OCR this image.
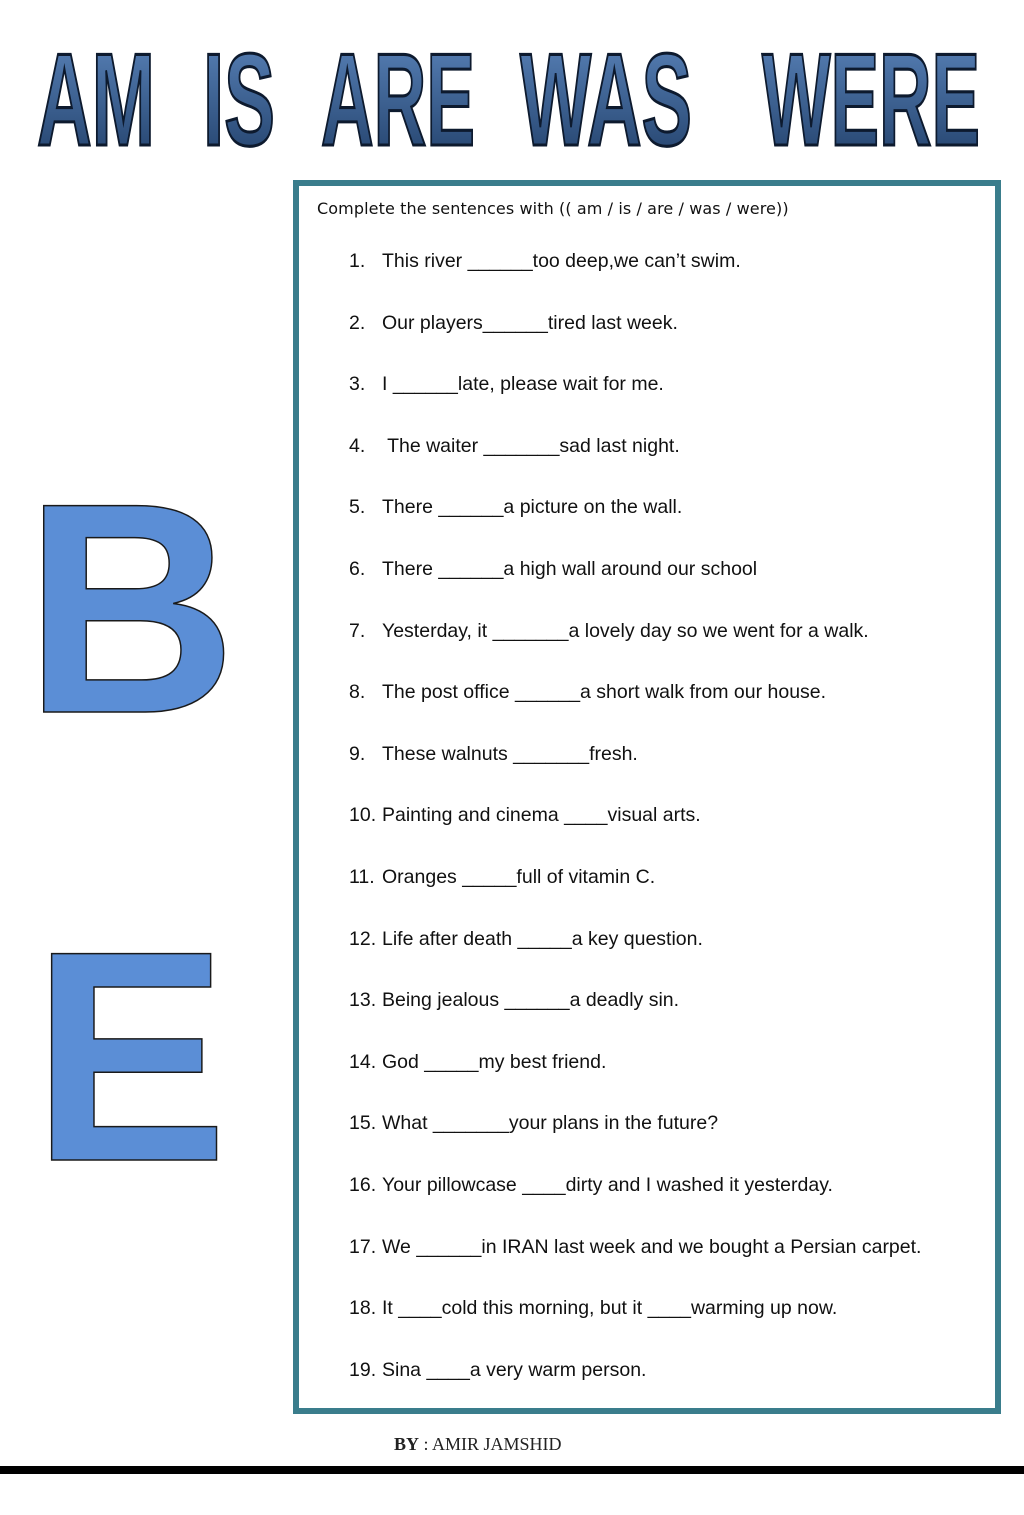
AM IS ARE WAS WERE
B
E
Complete the sentences with (( am / is / are / was / were))
1. This river ______too deep,we can’t swim.
2. Our players______tired last week.
3. I ______late, please wait for me.
4. The waiter _______sad last night.
5. There ______a picture on the wall.
6. There ______a high wall around our school
7. Yesterday, it _______a lovely day so we went for a walk.
8. The post office ______a short walk from our house.
9. These walnuts _______fresh.
10. Painting and cinema ____visual arts.
11. Oranges _____full of vitamin C.
12. Life after death _____a key question.
13. Being jealous ______a deadly sin.
14. God _____my best friend.
15. What _______your plans in the future?
16. Your pillowcase ____dirty and I washed it yesterday.
17. We ______in IRAN last week and we bought a Persian carpet.
18. It ____cold this morning, but it ____warming up now.
19. Sina ____a very warm person.
BY : AMIR JAMSHID
